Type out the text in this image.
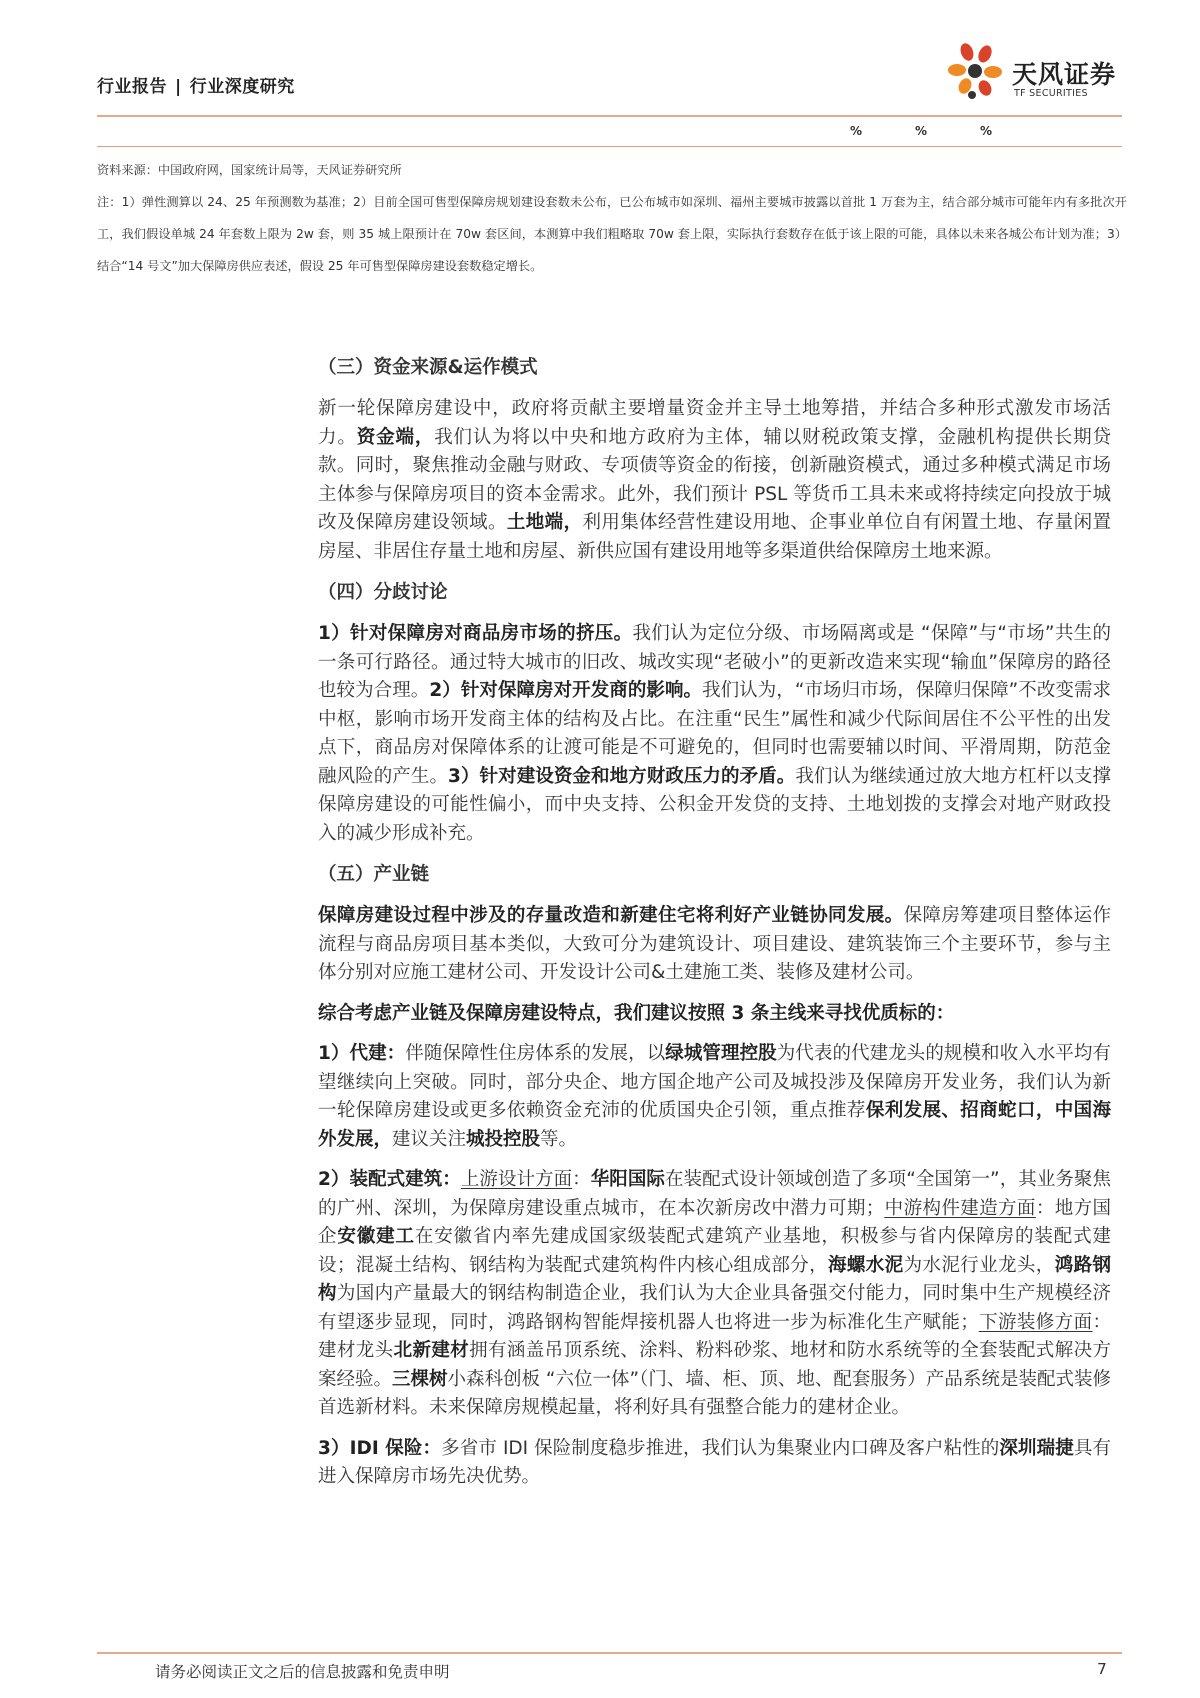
行业报告 | 行业深度研究	天风证券
TF SECURITIES
%	%	%

资料来源：中国政府网，国家统计局等，天风证券研究所

注：1）弹性测算以 24、25 年预测数为基准；2）目前全国可售型保障房规划建设套数未公布，已公布城市如深圳、福州主要城市披露以首批 1 万套为主，结合部分城市可能年内有多批次开工，我们假设单城 24 年套数上限为 2w 套，则 35 城上限预计在 70w 套区间，本测算中我们粗略取 70w 套上限，实际执行套数存在低于该上限的可能，具体以未来各城公布计划为准；3）结合“14 号文”加大保障房供应表述，假设 25 年可售型保障房建设套数稳定增长。

（三）资金来源&运作模式

新一轮保障房建设中，政府将贡献主要增量资金并主导土地筹措，并结合多种形式激发市场活力。资金端，我们认为将以中央和地方政府为主体，辅以财税政策支撑，金融机构提供长期贷款。同时，聚焦推动金融与财政、专项债等资金的衔接，创新融资模式，通过多种模式满足市场主体参与保障房项目的资本金需求。此外，我们预计 PSL 等货币工具未来或将持续定向投放于城改及保障房建设领域。土地端，利用集体经营性建设用地、企事业单位自有闲置土地、存量闲置房屋、非居住存量土地和房屋、新供应国有建设用地等多渠道供给保障房土地来源。

（四）分歧讨论

1）针对保障房对商品房市场的挤压。我们认为定位分级、市场隔离或是 “保障”与“市场”共生的一条可行路径。通过特大城市的旧改、城改实现“老破小”的更新改造来实现“输血”保障房的路径也较为合理。2）针对保障房对开发商的影响。我们认为，“市场归市场，保障归保障”不改变需求中枢，影响市场开发商主体的结构及占比。在注重“民生”属性和减少代际间居住不公平性的出发点下，商品房对保障体系的让渡可能是不可避免的，但同时也需要辅以时间、平滑周期，防范金融风险的产生。3）针对建设资金和地方财政压力的矛盾。我们认为继续通过放大地方杠杆以支撑保障房建设的可能性偏小，而中央支持、公积金开发贷的支持、土地划拨的支撑会对地产财政投入的减少形成补充。

（五）产业链

保障房建设过程中涉及的存量改造和新建住宅将利好产业链协同发展。保障房筹建项目整体运作流程与商品房项目基本类似，大致可分为建筑设计、项目建设、建筑装饰三个主要环节，参与主体分别对应施工建材公司、开发设计公司&土建施工类、装修及建材公司。

综合考虑产业链及保障房建设特点，我们建议按照 3 条主线来寻找优质标的：

1）代建：伴随保障性住房体系的发展，以绿城管理控股为代表的代建龙头的规模和收入水平均有望继续向上突破。同时，部分央企、地方国企地产公司及城投涉及保障房开发业务，我们认为新一轮保障房建设或更多依赖资金充沛的优质国央企引领，重点推荐保利发展、招商蛇口，中国海外发展，建议关注城投控股等。

2）装配式建筑：上游设计方面：华阳国际在装配式设计领域创造了多项“全国第一”，其业务聚焦的广州、深圳，为保障房建设重点城市，在本次新房改中潜力可期；中游构件建造方面：地方国企安徽建工在安徽省内率先建成国家级装配式建筑产业基地，积极参与省内保障房的装配式建设；混凝土结构、钢结构为装配式建筑构件内核心组成部分，海螺水泥为水泥行业龙头，鸿路钢构为国内产量最大的钢结构制造企业，我们认为大企业具备强交付能力，同时集中生产规模经济有望逐步显现，同时，鸿路钢构智能焊接机器人也将进一步为标准化生产赋能；下游装修方面：建材龙头北新建材拥有涵盖吊顶系统、涂料、粉料砂浆、地材和防水系统等的全套装配式解决方案经验。三棵树小森科创板 “六位一体”（门、墙、柜、顶、地、配套服务）产品系统是装配式装修首选新材料。未来保障房规模起量，将利好具有强整合能力的建材企业。

3）IDI 保险：多省市 IDI 保险制度稳步推进，我们认为集聚业内口碑及客户粘性的深圳瑞捷具有进入保障房市场先决优势。

请务必阅读正文之后的信息披露和免责申明	7
